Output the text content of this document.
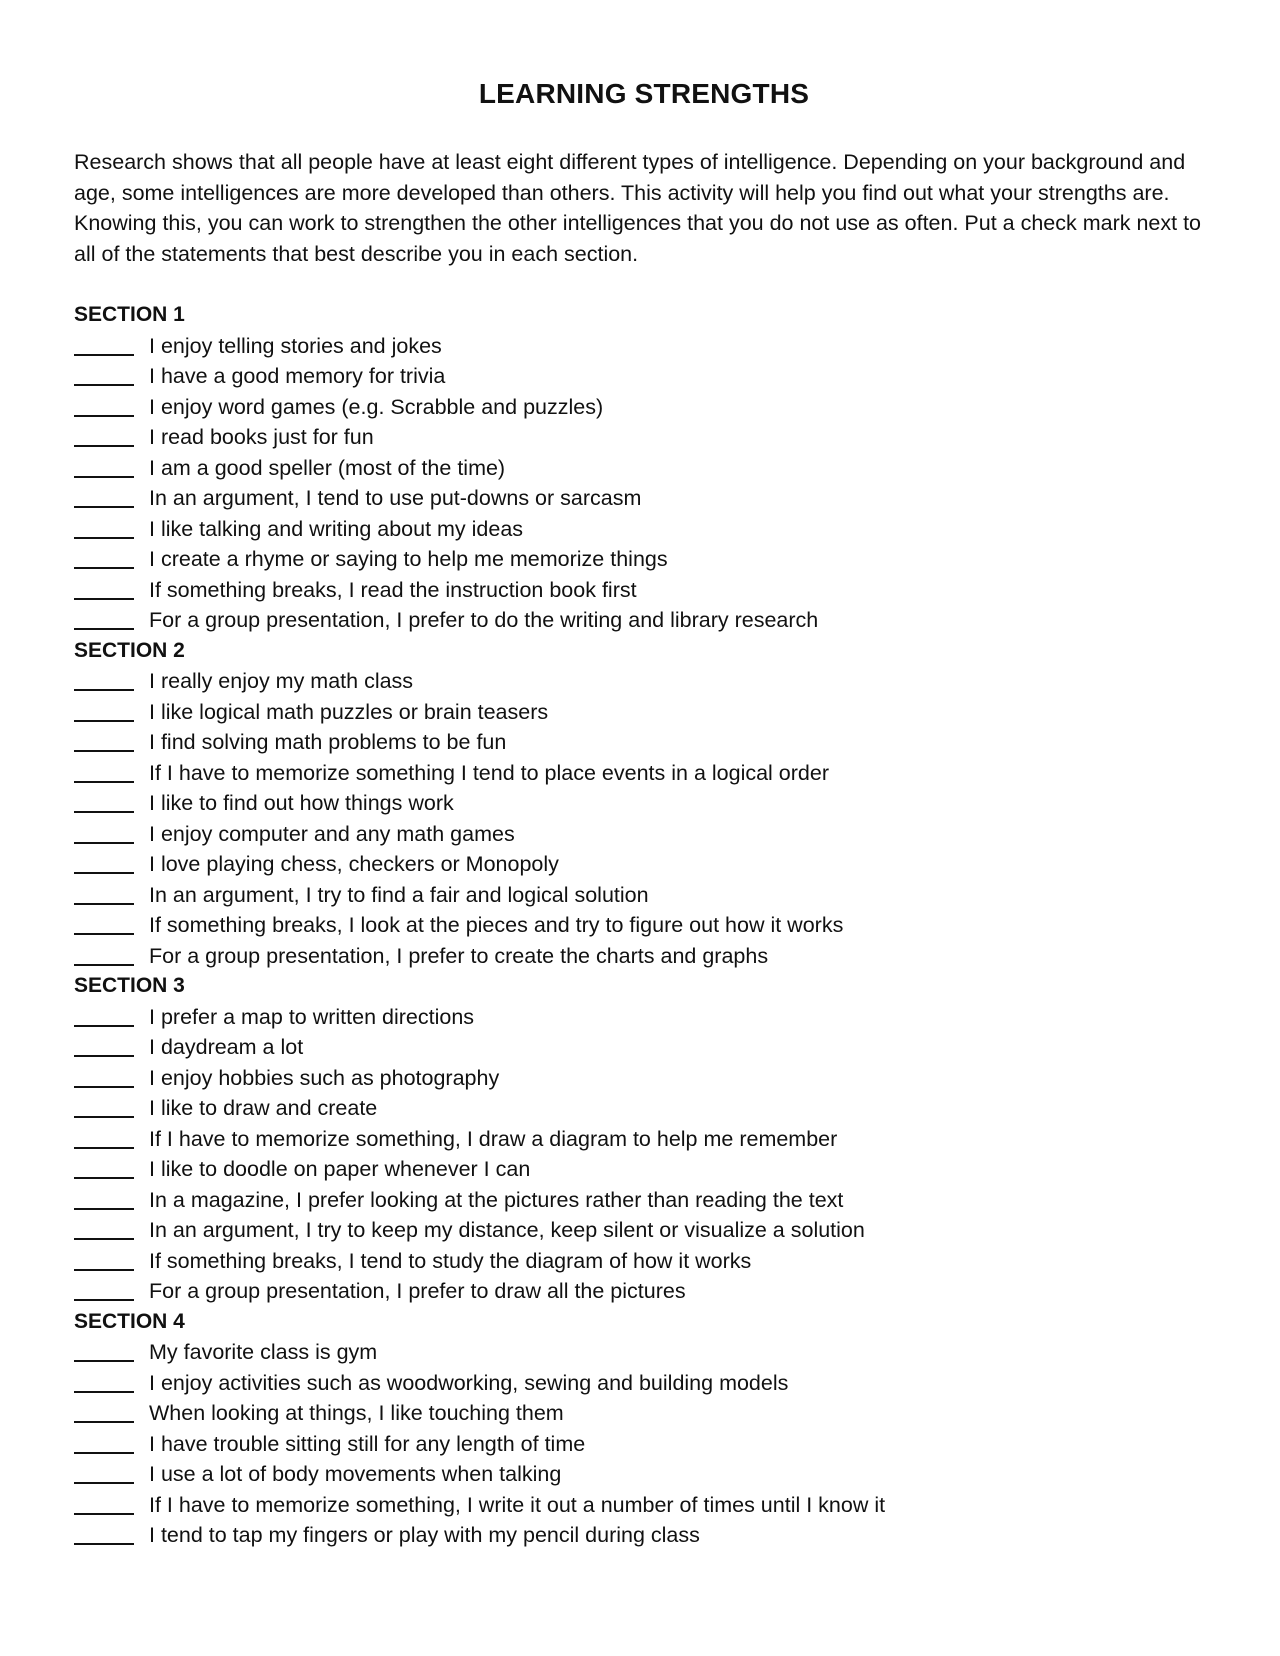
LEARNING STRENGTHS

Research shows that all people have at least eight different types of intelligence. Depending on your background and age, some intelligences are more developed than others. This activity will help you find out what your strengths are. Knowing this, you can work to strengthen the other intelligences that you do not use as often. Put a check mark next to all of the statements that best describe you in each section.

SECTION 1
I enjoy telling stories and jokes
I have a good memory for trivia
I enjoy word games (e.g. Scrabble and puzzles)
I read books just for fun
I am a good speller (most of the time)
In an argument, I tend to use put-downs or sarcasm
I like talking and writing about my ideas
I create a rhyme or saying to help me memorize things
If something breaks, I read the instruction book first
For a group presentation, I prefer to do the writing and library research
SECTION 2
I really enjoy my math class
I like logical math puzzles or brain teasers
I find solving math problems to be fun
If I have to memorize something I tend to place events in a logical order
I like to find out how things work
I enjoy computer and any math games
I love playing chess, checkers or Monopoly
In an argument, I try to find a fair and logical solution
If something breaks, I look at the pieces and try to figure out how it works
For a group presentation, I prefer to create the charts and graphs
SECTION 3
I prefer a map to written directions
I daydream a lot
I enjoy hobbies such as photography
I like to draw and create
If I have to memorize something, I draw a diagram to help me remember
I like to doodle on paper whenever I can
In a magazine, I prefer looking at the pictures rather than reading the text
In an argument, I try to keep my distance, keep silent or visualize a solution
If something breaks, I tend to study the diagram of how it works
For a group presentation, I prefer to draw all the pictures
SECTION 4
My favorite class is gym
I enjoy activities such as woodworking, sewing and building models
When looking at things, I like touching them
I have trouble sitting still for any length of time
I use a lot of body movements when talking
If I have to memorize something, I write it out a number of times until I know it
I tend to tap my fingers or play with my pencil during class
